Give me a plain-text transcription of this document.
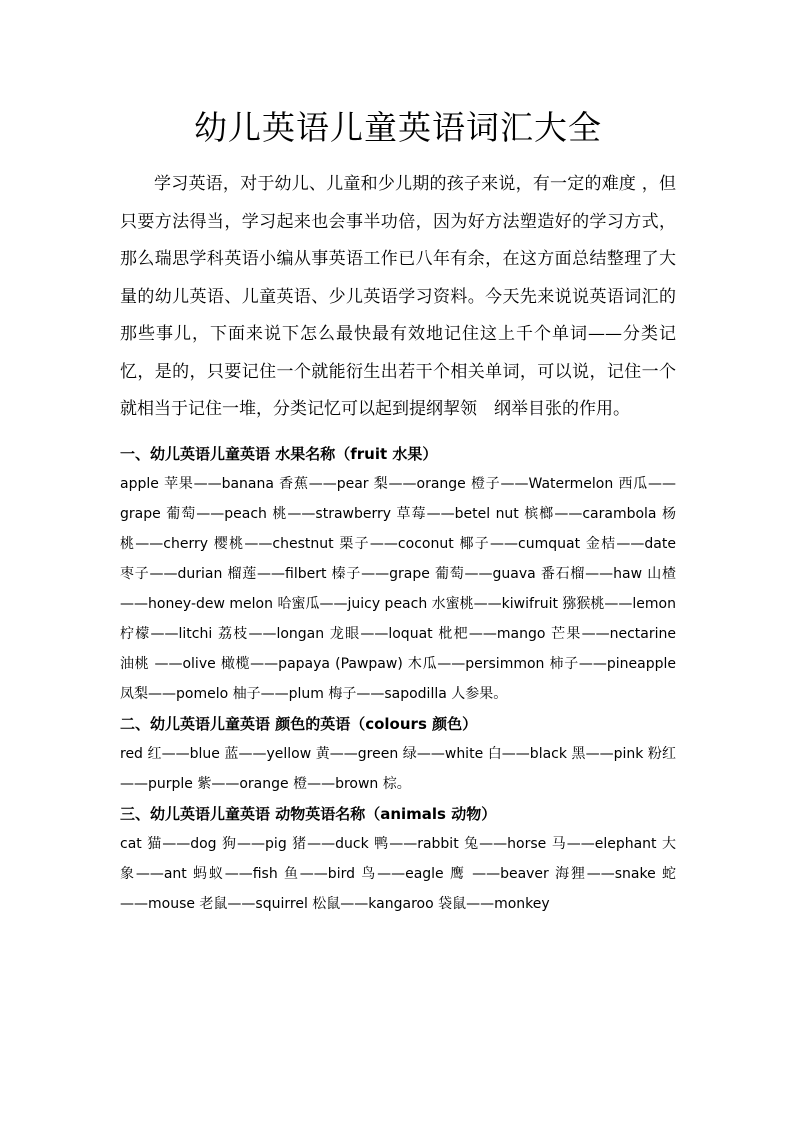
幼儿英语儿童英语词汇大全

学习英语，对于幼儿、儿童和少儿期的孩子来说，有一定的难度 ，但只要方法得当，学习起来也会事半功倍，因为好方法塑造好的学习方式，那么瑞思学科英语小编从事英语工作已八年有余，在这方面总结整理了大量的幼儿英语、儿童英语、少儿英语学习资料。今天先来说说英语词汇的那些事儿，下面来说下怎么最快最有效地记住这上千个单词——分类记忆，是的，只要记住一个就能衍生出若干个相关单词，可以说，记住一个就相当于记住一堆，分类记忆可以起到提纲挈领　纲举目张的作用。

一、幼儿英语儿童英语 水果名称（fruit 水果）

apple 苹果——banana 香蕉——pear 梨——orange 橙子——Watermelon 西瓜——grape 葡萄——peach 桃——strawberry 草莓——betel nut 槟榔——carambola 杨桃——cherry 樱桃——chestnut 栗子——coconut 椰子——cumquat 金桔——date 枣子——durian 榴莲——filbert 榛子——grape 葡萄——guava 番石榴——haw 山楂——honey-dew melon 哈蜜瓜——juicy peach 水蜜桃——kiwifruit 猕猴桃——lemon 柠檬——litchi 荔枝——longan 龙眼——loquat 枇杷——mango 芒果——nectarine 油桃 ——olive 橄榄——papaya (Pawpaw) 木瓜——persimmon 柿子——pineapple 凤梨——pomelo 柚子——plum 梅子——sapodilla 人参果。

二、幼儿英语儿童英语 颜色的英语（colours 颜色）

red 红——blue 蓝——yellow 黄——green 绿——white 白——black 黑——pink 粉红——purple 紫——orange 橙——brown 棕。

三、幼儿英语儿童英语 动物英语名称（animals 动物）

cat 猫——dog 狗——pig 猪——duck 鸭——rabbit 兔——horse 马——elephant 大象——ant 蚂蚁——fish 鱼——bird 鸟——eagle 鹰 ——beaver 海狸——snake 蛇——mouse 老鼠——squirrel 松鼠——kangaroo 袋鼠——monkey
